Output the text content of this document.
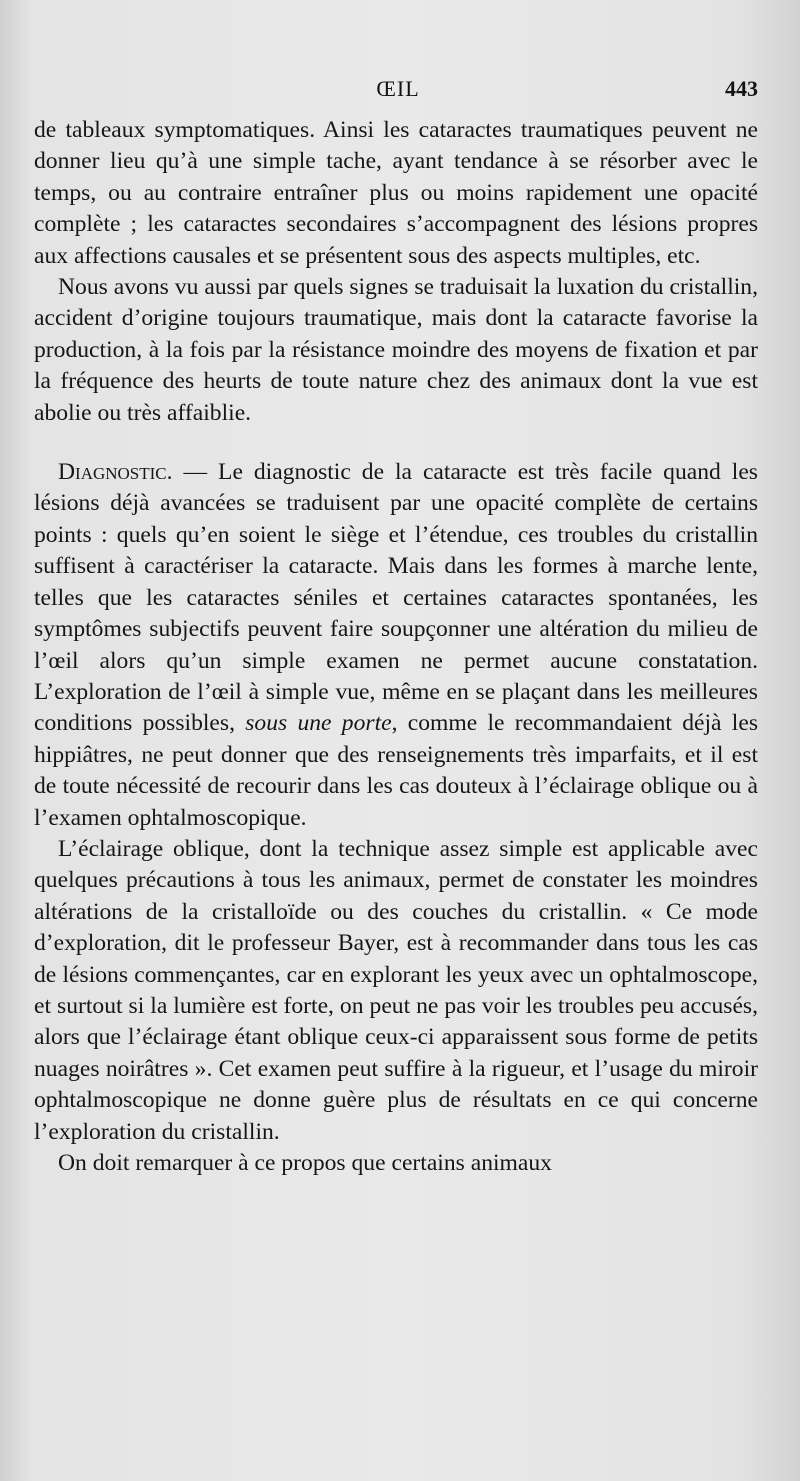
ŒIL	443

de tableaux symptomatiques. Ainsi les cataractes traumatiques peuvent ne donner lieu qu’à une simple tache, ayant tendance à se résorber avec le temps, ou au contraire entraîner plus ou moins rapidement une opacité complète ; les cataractes secondaires s’accompagnent des lésions propres aux affections causales et se présentent sous des aspects multiples, etc.

Nous avons vu aussi par quels signes se traduisait la luxation du cristallin, accident d’origine toujours traumatique, mais dont la cataracte favorise la production, à la fois par la résistance moindre des moyens de fixation et par la fréquence des heurts de toute nature chez des animaux dont la vue est abolie ou très affaiblie.

Diagnostic. — Le diagnostic de la cataracte est très facile quand les lésions déjà avancées se traduisent par une opacité complète de certains points : quels qu’en soient le siège et l’étendue, ces troubles du cristallin suffisent à caractériser la cataracte. Mais dans les formes à marche lente, telles que les cataractes séniles et certaines cataractes spontanées, les symptômes subjectifs peuvent faire soupçonner une altération du milieu de l’œil alors qu’un simple examen ne permet aucune constatation. L’exploration de l’œil à simple vue, même en se plaçant dans les meilleures conditions possibles, sous une porte, comme le recommandaient déjà les hippiâtres, ne peut donner que des renseignements très imparfaits, et il est de toute nécessité de recourir dans les cas douteux à l’éclairage oblique ou à l’examen ophtalmoscopique.

L’éclairage oblique, dont la technique assez simple est applicable avec quelques précautions à tous les animaux, permet de constater les moindres altérations de la cristalloïde ou des couches du cristallin. « Ce mode d’exploration, dit le professeur Bayer, est à recommander dans tous les cas de lésions commençantes, car en explorant les yeux avec un ophtalmoscope, et surtout si la lumière est forte, on peut ne pas voir les troubles peu accusés, alors que l’éclairage étant oblique ceux-ci apparaissent sous forme de petits nuages noirâtres ». Cet examen peut suffire à la rigueur, et l’usage du miroir ophtalmoscopique ne donne guère plus de résultats en ce qui concerne l’exploration du cristallin.

On doit remarquer à ce propos que certains animaux
